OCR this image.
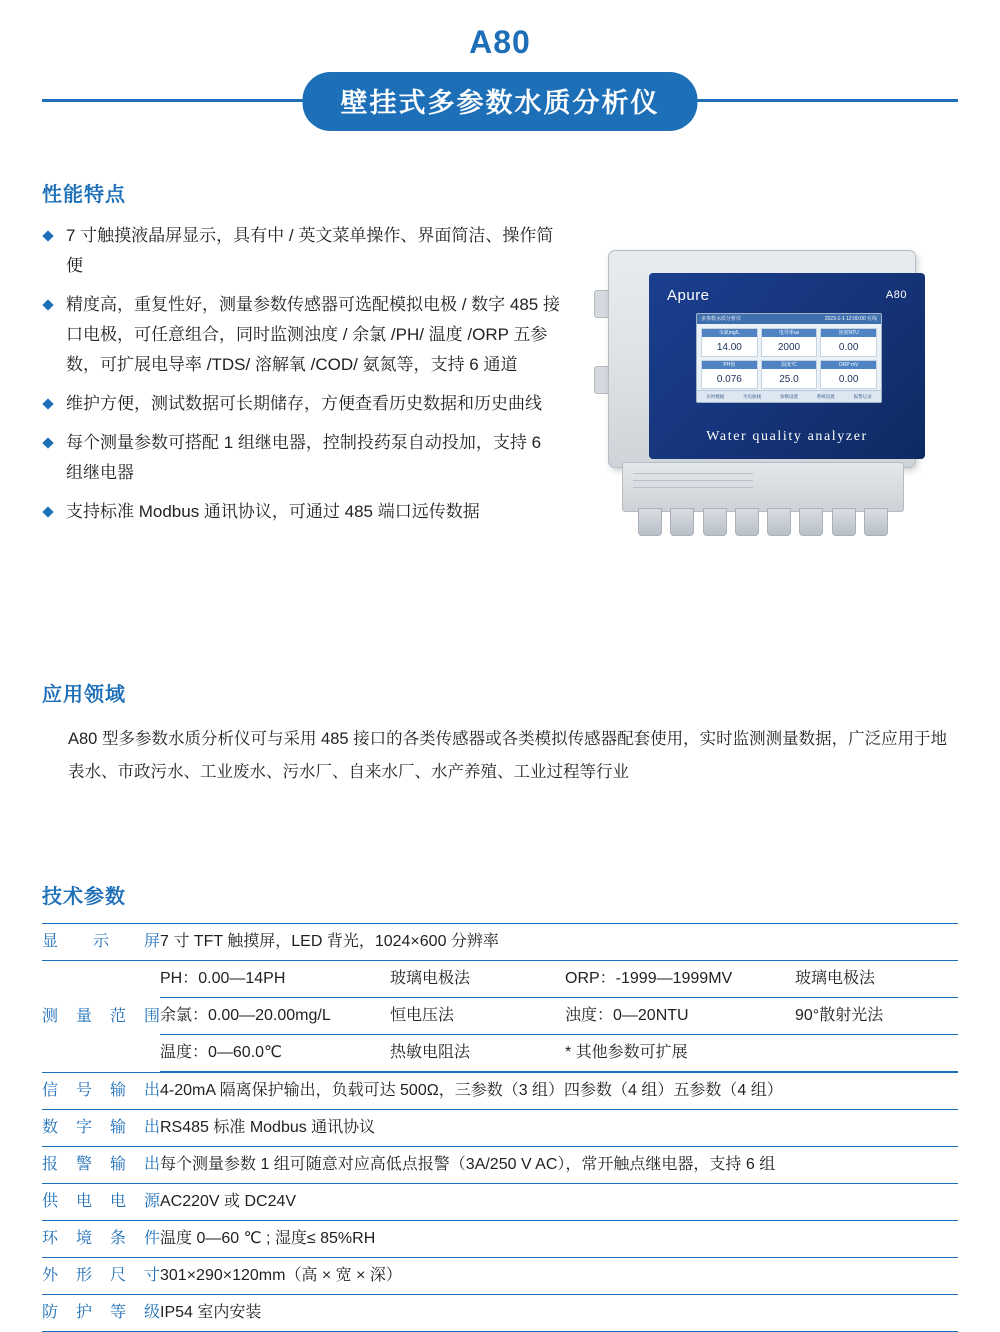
A80
壁挂式多参数水质分析仪
性能特点
7 寸触摸液晶屏显示，具有中 / 英文菜单操作、界面简洁、操作简便
精度高，重复性好，测量参数传感器可选配模拟电极 / 数字 485 接口电极，可任意组合，同时监测浊度 / 余氯 /PH/ 温度 /ORP 五参数，可扩展电导率 /TDS/ 溶解氧 /COD/ 氨氮等，支持 6 通道
维护方便，测试数据可长期储存，方便查看历史数据和历史曲线
每个测量参数可搭配 1 组继电器，控制投药泵自动投加，支持 6 组继电器
支持标准 Modbus 通讯协议，可通过 485 端口远传数据
Apure	A80
多参数水质分析仪	2023-1-1 12:00:00 在线
余氯mg/L
14.00
电导率us
2000
浊度NTU
0.00
PH值
0.076
温度℃
25.0
ORP mV
0.00
实时数据	历史曲线	参数设置	系统设置	报警记录
Water quality analyzer
应用领域
A80 型多参数水质分析仪可与采用 485 接口的各类传感器或各类模拟传感器配套使用，实时监测测量数据，广泛应用于地表水、市政污水、工业废水、污水厂、自来水厂、水产养殖、工业过程等行业
技术参数
显示屏	7 寸 TFT 触摸屏，LED 背光，1024×600 分辨率
测量范围	
PH：0.00—14PH	玻璃电极法	ORP：-1999—1999MV	玻璃电极法
余氯：0.00—20.00mg/L	恒电压法	浊度：0—20NTU	90°散射光法
温度：0—60.0℃	热敏电阻法	* 其他参数可扩展	

信号输出	4-20mA 隔离保护输出，负载可达 500Ω，三参数（3 组）四参数（4 组）五参数（4 组）
数字输出	RS485 标准 Modbus 通讯协议
报警输出	每个测量参数 1 组可随意对应高低点报警（3A/250 V AC），常开触点继电器，支持 6 组
供电电源	AC220V 或 DC24V
环境条件	温度 0—60 ℃ ; 湿度≤ 85%RH
外形尺寸	301×290×120mm（高 × 宽 × 深）
防护等级	IP54 室内安装
